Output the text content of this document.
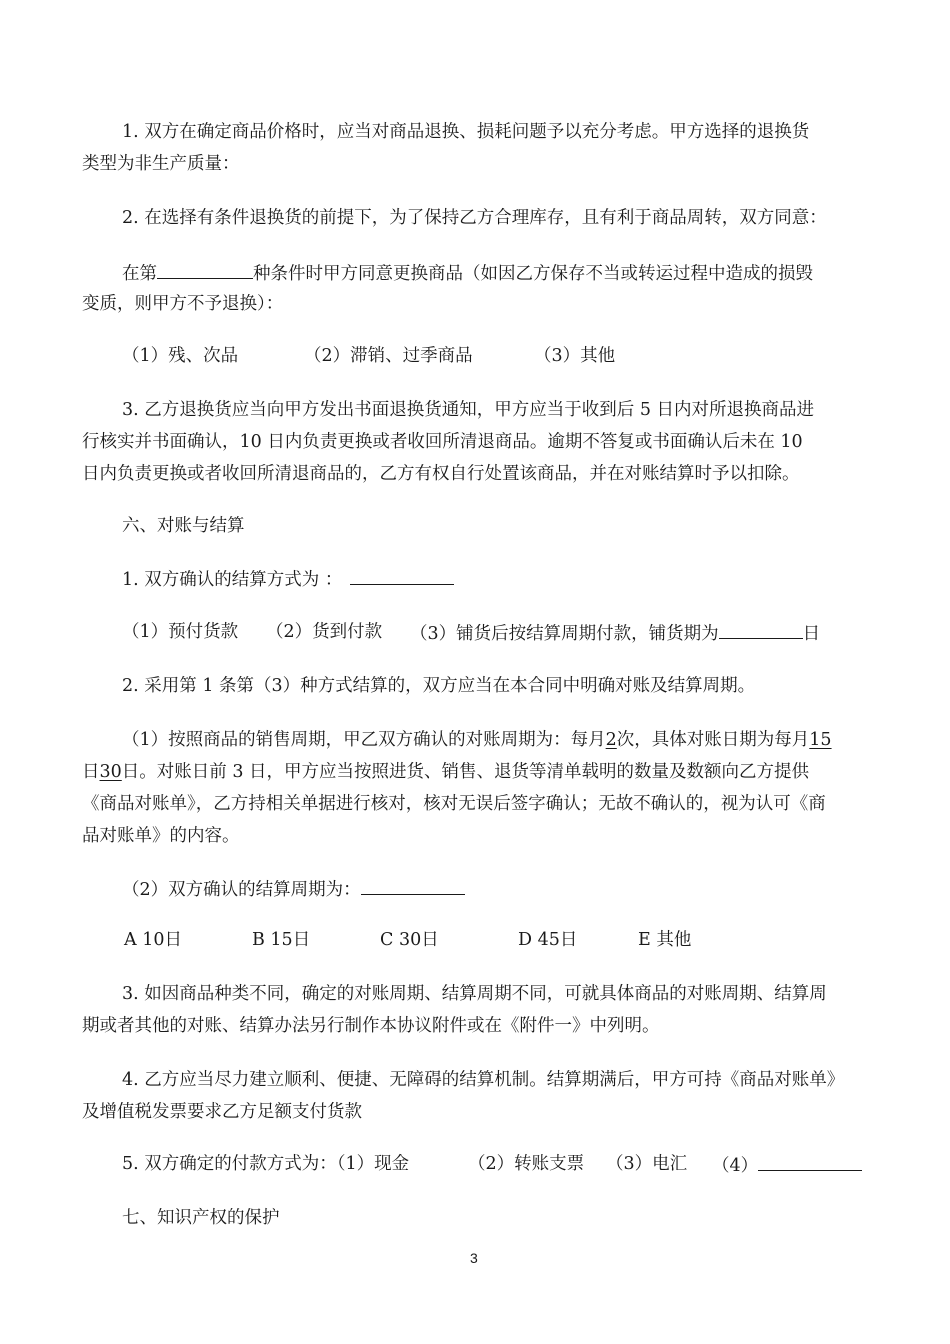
1. 双方在确定商品价格时，应当对商品退换、损耗问题予以充分考虑。甲方选择的退换货
类型为非生产质量：
2. 在选择有条件退换货的前提下，为了保持乙方合理库存，且有利于商品周转，双方同意：
在第	种条件时甲方同意更换商品（如因乙方保存不当或转运过程中造成的损毁
变质，则甲方不予退换）：
（1）残、次品	（2）滞销、过季商品	（3）其他
3. 乙方退换货应当向甲方发出书面退换货通知，甲方应当于收到后 5 日内对所退换商品进
行核实并书面确认，10 日内负责更换或者收回所清退商品。逾期不答复或书面确认后未在 10
日内负责更换或者收回所清退商品的，乙方有权自行处置该商品，并在对账结算时予以扣除。
六、对账与结算
1. 双方确认的结算方式为 ：
（1）预付货款 （2）货到付款 （3）铺货后按结算周期付款，铺货期为	日
2. 采用第 1 条第（3）种方式结算的，双方应当在本合同中明确对账及结算周期。
（1）按照商品的销售周期，甲乙双方确认的对账周期为：每月2次，具体对账日期为每月15
日30日。对账日前 3 日，甲方应当按照进货、销售、退货等清单载明的数量及数额向乙方提供
《商品对账单》，乙方持相关单据进行核对，核对无误后签字确认；无故不确认的，视为认可《商
品对账单》的内容。
（2）双方确认的结算周期为：
A 10日	B 15日	C 30日	D 45日	E 其他
3. 如因商品种类不同，确定的对账周期、结算周期不同，可就具体商品的对账周期、结算周
期或者其他的对账、结算办法另行制作本协议附件或在《附件一》中列明。
4. 乙方应当尽力建立顺利、便捷、无障碍的结算机制。结算期满后，甲方可持《商品对账单》
及增值税发票要求乙方足额支付货款
5. 双方确定的付款方式为：（1）现金	（2）转账支票 （3）电汇 （4）
七、知识产权的保护
3
